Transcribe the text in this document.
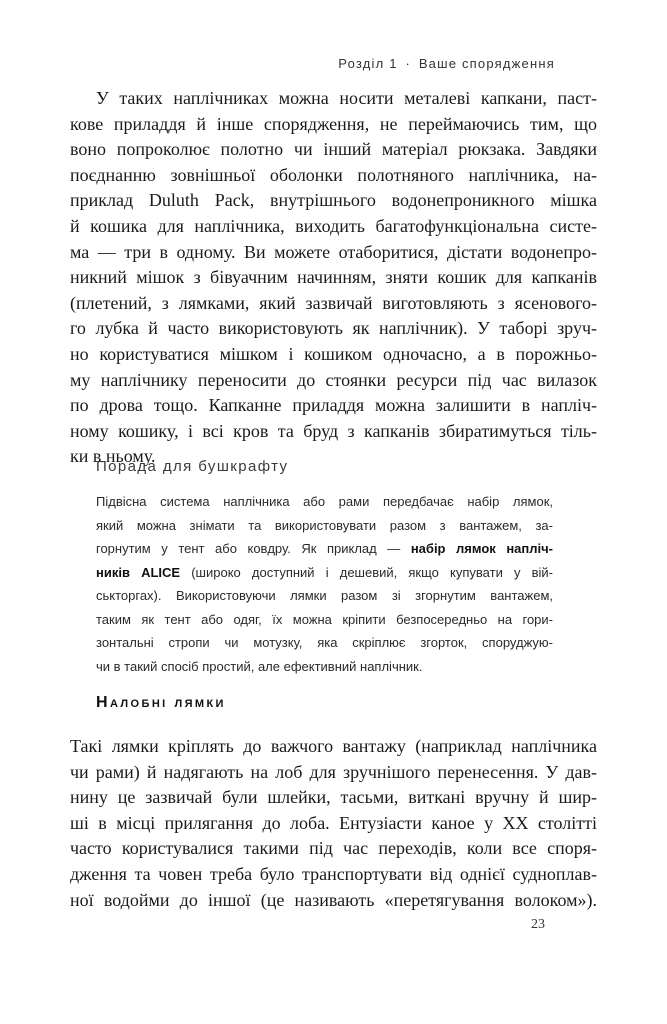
Розділ 1 · Ваше спорядження
У таких наплічниках можна носити металеві капкани, паст-
кове приладдя й інше спорядження, не переймаючись тим, що
воно попроколює полотно чи інший матеріал рюкзака. Завдяки
поєднанню зовнішньої оболонки полотняного наплічника, на-
приклад Duluth Pack, внутрішнього водонепроникного мішка
й кошика для наплічника, виходить багатофункціональна систе-
ма — три в одному. Ви можете отаборитися, дістати водонепро-
никний мішок з бівуачним начинням, зняти кошик для капканів
(плетений, з лямками, який зазвичай виготовляють з ясенового-
го лубка й часто використовують як наплічник). У таборі зруч-
но користуватися мішком і кошиком одночасно, а в порожньо-
му наплічнику переносити до стоянки ресурси під час вилазок
по дрова тощо. Капканне приладдя можна залишити в напліч-
ному кошику, і всі кров та бруд з капканів збиратимуться тіль-
ки в ньому.
Порада для бушкрафту
Підвісна система наплічника або рами передбачає набір лямок,
який можна знімати та використовувати разом з вантажем, за-
горнутим у тент або ковдру. Як приклад — набір лямок напліч-
ників ALICE (широко доступний і дешевий, якщо купувати у вій-
ськторгах). Використовуючи лямки разом зі згорнутим вантажем,
таким як тент або одяг, їх можна кріпити безпосередньо на гори-
зонтальні стропи чи мотузку, яка скріплює згорток, споруджую-
чи в такий спосіб простий, але ефективний наплічник.
Налобні лямки
Такі лямки кріплять до важчого вантажу (наприклад наплічника
чи рами) й надягають на лоб для зручнішого перенесення. У дав-
нину це зазвичай були шлейки, тасьми, виткані вручну й шир-
ші в місці прилягання до лоба. Ентузіасти каное у XX столітті
часто користувалися такими під час переходів, коли все споря-
дження та човен треба було транспортувати від однієї судноплав-
ної водойми до іншої (це називають «перетягування волоком»).
23
